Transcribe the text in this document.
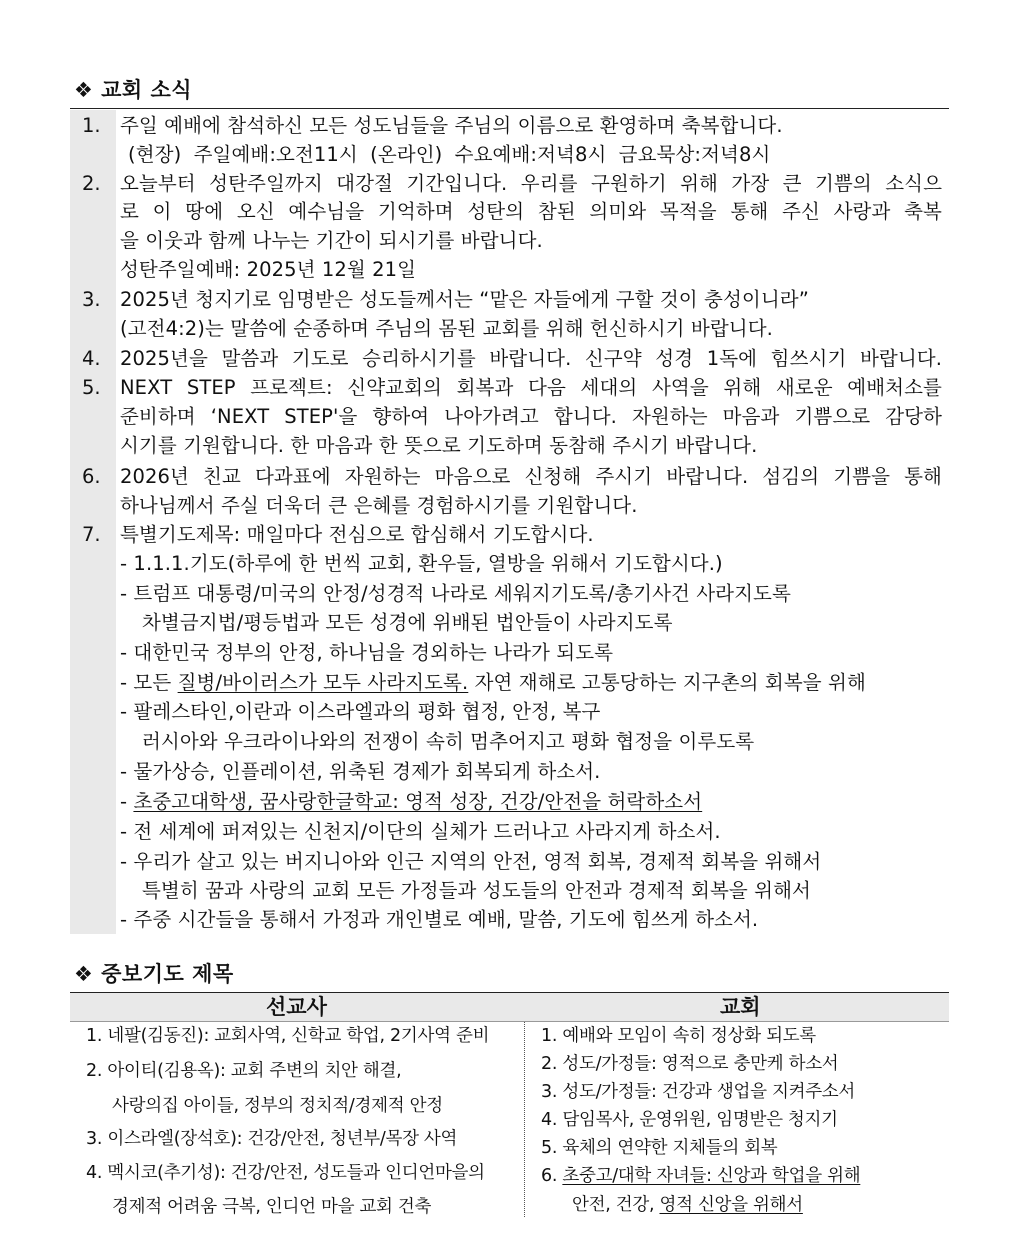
❖ 교회 소식
1. 주일 예배에 참석하신 모든 성도님들을 주님의 이름으로 환영하며 축복합니다.
(현장) 주일예배:오전11시 (온라인) 수요예배:저녁8시 금요묵상:저녁8시
2. 오늘부터 성탄주일까지 대강절 기간입니다. 우리를 구원하기 위해 가장 큰 기쁨의 소식으
로 이 땅에 오신 예수님을 기억하며 성탄의 참된 의미와 목적을 통해 주신 사랑과 축복
을 이웃과 함께 나누는 기간이 되시기를 바랍니다.
성탄주일예배: 2025년 12월 21일
3. 2025년 청지기로 임명받은 성도들께서는 “맡은 자들에게 구할 것이 충성이니라”
(고전4:2)는 말씀에 순종하며 주님의 몸된 교회를 위해 헌신하시기 바랍니다.
4. 2025년을 말씀과 기도로 승리하시기를 바랍니다. 신구약 성경 1독에 힘쓰시기 바랍니다.
5. NEXT STEP 프로젝트: 신약교회의 회복과 다음 세대의 사역을 위해 새로운 예배처소를
준비하며 ‘NEXT STEP'을 향하여 나아가려고 합니다. 자원하는 마음과 기쁨으로 감당하
시기를 기원합니다. 한 마음과 한 뜻으로 기도하며 동참해 주시기 바랍니다.
6. 2026년 친교 다과표에 자원하는 마음으로 신청해 주시기 바랍니다. 섬김의 기쁨을 통해
하나님께서 주실 더욱더 큰 은혜를 경험하시기를 기원합니다.
7. 특별기도제목: 매일마다 전심으로 합심해서 기도합시다.
- 1.1.1.기도(하루에 한 번씩 교회, 환우들, 열방을 위해서 기도합시다.)
- 트럼프 대통령/미국의 안정/성경적 나라로 세워지기도록/총기사건 사라지도록
차별금지법/평등법과 모든 성경에 위배된 법안들이 사라지도록
- 대한민국 정부의 안정, 하나님을 경외하는 나라가 되도록
- 모든 질병/바이러스가 모두 사라지도록. 자연 재해로 고통당하는 지구촌의 회복을 위해
- 팔레스타인,이란과 이스라엘과의 평화 협정, 안정, 복구
러시아와 우크라이나와의 전쟁이 속히 멈추어지고 평화 협정을 이루도록
- 물가상승, 인플레이션, 위축된 경제가 회복되게 하소서.
- 초중고대학생, 꿈사랑한글학교: 영적 성장, 건강/안전을 허락하소서
- 전 세계에 퍼져있는 신천지/이단의 실체가 드러나고 사라지게 하소서.
- 우리가 살고 있는 버지니아와 인근 지역의 안전, 영적 회복, 경제적 회복을 위해서
특별히 꿈과 사랑의 교회 모든 가정들과 성도들의 안전과 경제적 회복을 위해서
- 주중 시간들을 통해서 가정과 개인별로 예배, 말씀, 기도에 힘쓰게 하소서.
❖ 중보기도 제목
선교사	교회
1. 네팔(김동진): 교회사역, 신학교 학업, 2기사역 준비
2. 아이티(김용옥): 교회 주변의 치안 해결,
사랑의집 아이들, 정부의 정치적/경제적 안정
3. 이스라엘(장석호): 건강/안전, 청년부/목장 사역
4. 멕시코(추기성): 건강/안전, 성도들과 인디언마을의
경제적 어려움 극복, 인디언 마을 교회 건축
1. 예배와 모임이 속히 정상화 되도록
2. 성도/가정들: 영적으로 충만케 하소서
3. 성도/가정들: 건강과 생업을 지켜주소서
4. 담임목사, 운영위원, 임명받은 청지기
5. 육체의 연약한 지체들의 회복
6. 초중고/대학 자녀들: 신앙과 학업을 위해
안전, 건강, 영적 신앙을 위해서
